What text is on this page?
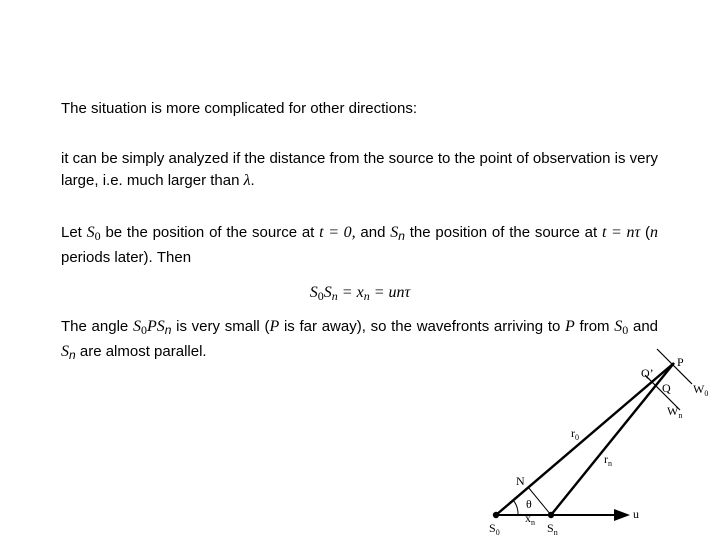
The situation is more complicated for other directions:

it can be simply analyzed if the distance from the source to the point of observation is very large, i.e. much larger than λ.

Let $S_0$ be the position of the source at t = 0, and $S_n$ the position of the source at t = nτ (n periods later). Then

$S0S_n = x_n = un\tau$

The angle $S_0PS_n$ is very small (P is far away), so the wavefronts arriving to P from $S_0$ and $S_n$ are almost parallel.

P
Q’
Q $W_0$
$W_n$
$r_0$
$r_n$
N
θ
$x_n$
$S_0$	$S_n$
u
